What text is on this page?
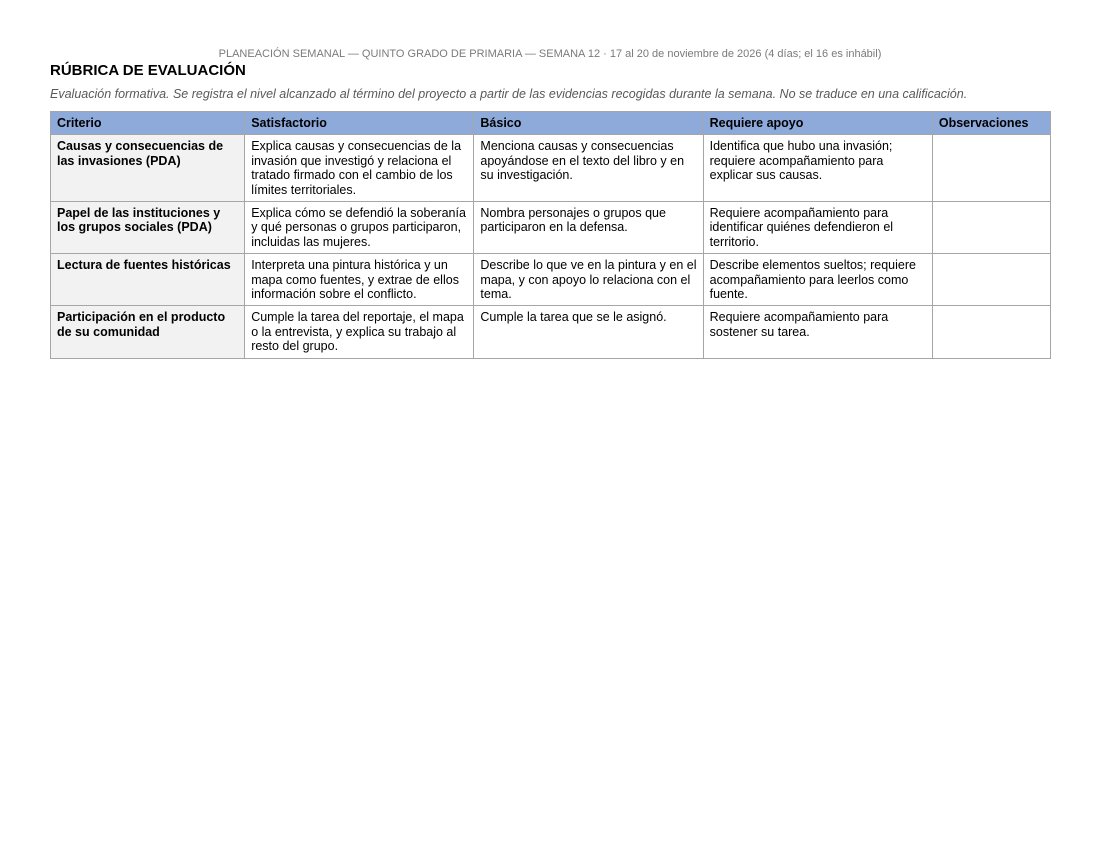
PLANEACIÓN SEMANAL — QUINTO GRADO DE PRIMARIA — SEMANA 12 · 17 al 20 de noviembre de 2026 (4 días; el 16 es inhábil)
RÚBRICA DE EVALUACIÓN
Evaluación formativa. Se registra el nivel alcanzado al término del proyecto a partir de las evidencias recogidas durante la semana. No se traduce en una calificación.
Criterio	Satisfactorio	Básico	Requiere apoyo	Observaciones
Causas y consecuencias de las invasiones (PDA)	Explica causas y consecuencias de la invasión que investigó y relaciona el tratado firmado con el cambio de los límites territoriales.	Menciona causas y consecuencias apoyándose en el texto del libro y en su investigación.	Identifica que hubo una invasión; requiere acompañamiento para explicar sus causas.	
Papel de las instituciones y los grupos sociales (PDA)	Explica cómo se defendió la soberanía y qué personas o grupos participaron, incluidas las mujeres.	Nombra personajes o grupos que participaron en la defensa.	Requiere acompañamiento para identificar quiénes defendieron el territorio.	
Lectura de fuentes históricas	Interpreta una pintura histórica y un mapa como fuentes, y extrae de ellos información sobre el conflicto.	Describe lo que ve en la pintura y en el mapa, y con apoyo lo relaciona con el tema.	Describe elementos sueltos; requiere acompañamiento para leerlos como fuente.	
Participación en el producto de su comunidad	Cumple la tarea del reportaje, el mapa o la entrevista, y explica su trabajo al resto del grupo.	Cumple la tarea que se le asignó.	Requiere acompañamiento para sostener su tarea.	
